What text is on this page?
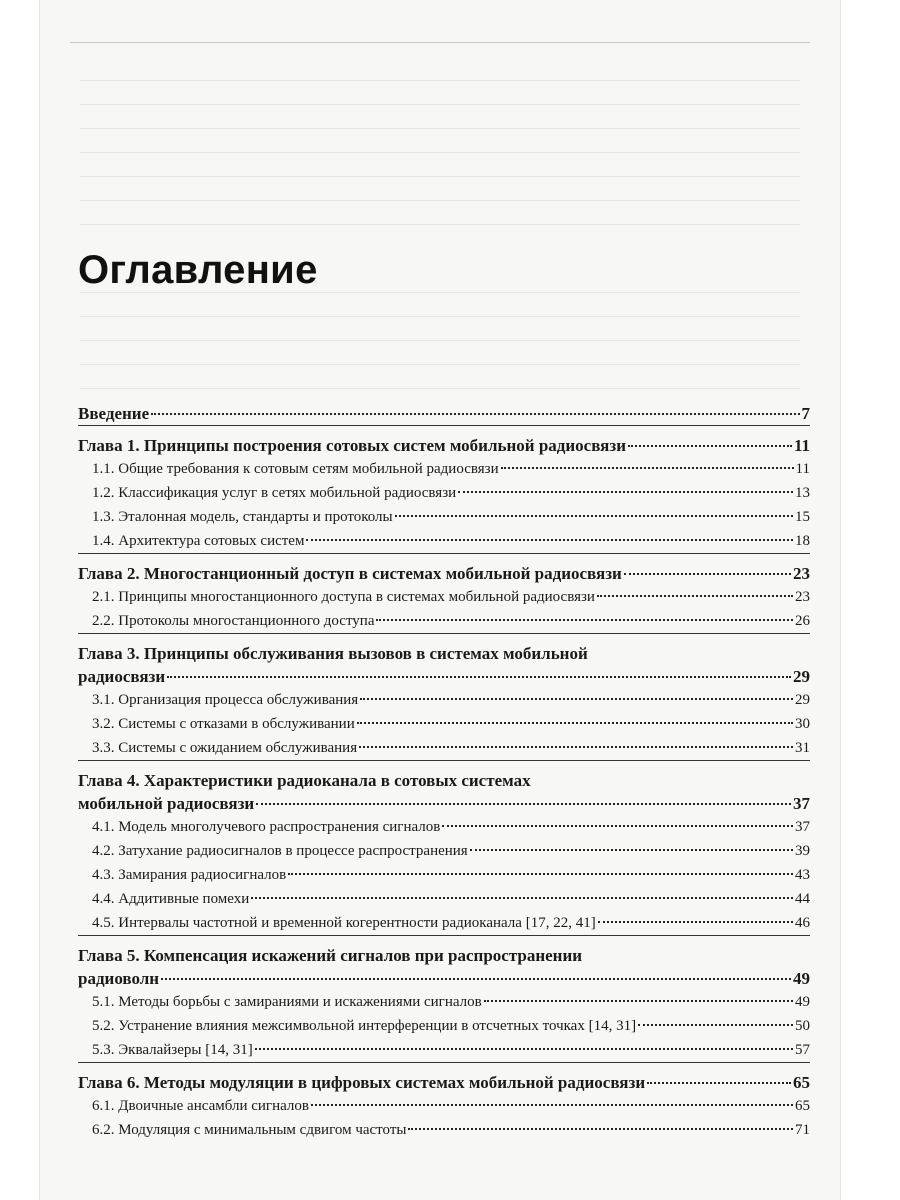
Оглавление
Введение	7
Глава 1. Принципы построения сотовых систем мобильной радиосвязи	11
1.1. Общие требования к сотовым сетям мобильной радиосвязи	11
1.2. Классификация услуг в сетях мобильной радиосвязи	13
1.3. Эталонная модель, стандарты и протоколы	15
1.4. Архитектура сотовых систем	18
Глава 2. Многостанционный доступ в системах мобильной радиосвязи	23
2.1. Принципы многостанционного доступа в системах мобильной радиосвязи	23
2.2. Протоколы многостанционного доступа	26
Глава 3. Принципы обслуживания вызовов в системах мобильной
радиосвязи	29
3.1. Организация процесса обслуживания	29
3.2. Системы с отказами в обслуживании	30
3.3. Системы с ожиданием обслуживания	31
Глава 4. Характеристики радиоканала в сотовых системах
мобильной радиосвязи	37
4.1. Модель многолучевого распространения сигналов	37
4.2. Затухание радиосигналов в процессе распространения	39
4.3. Замирания радиосигналов	43
4.4. Аддитивные помехи	44
4.5. Интервалы частотной и временной когерентности радиоканала [17, 22, 41]	46
Глава 5. Компенсация искажений сигналов при распространении
радиоволн	49
5.1. Методы борьбы с замираниями и искажениями сигналов	49
5.2. Устранение влияния межсимвольной интерференции в отсчетных точках [14, 31]	50
5.3. Эквалайзеры [14, 31]	57
Глава 6. Методы модуляции в цифровых системах мобильной радиосвязи	65
6.1. Двоичные ансамбли сигналов	65
6.2. Модуляция с минимальным сдвигом частоты	71
